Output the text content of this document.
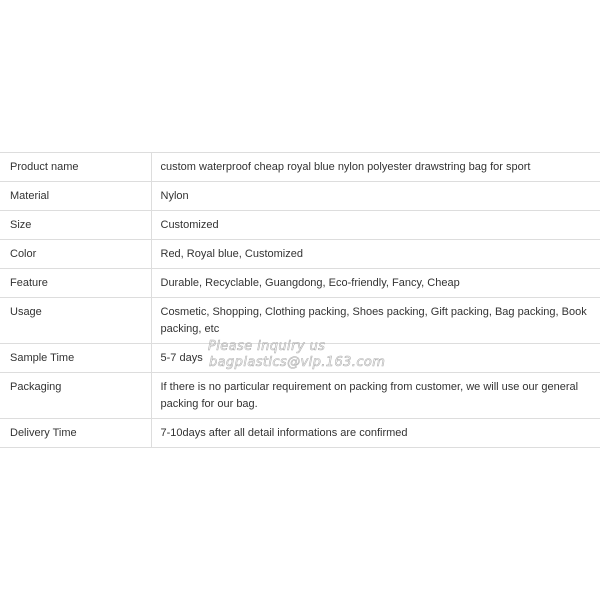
Product name	custom waterproof cheap royal blue nylon polyester drawstring bag for sport

Material	Nylon

Size	Customized

Color	Red, Royal blue, Customized

Feature	Durable, Recyclable, Guangdong, Eco-friendly, Fancy, Cheap

Usage	Cosmetic, Shopping, Clothing packing, Shoes packing, Gift packing, Bag packing, Book packing, etc

Sample Time	5-7 days

Packaging	If there is no particular requirement on packing from customer, we will use our general packing for our bag.

Delivery Time	7-10days after all detail informations are confirmed
Please inquiry us
bagplastics@vip.163.com
